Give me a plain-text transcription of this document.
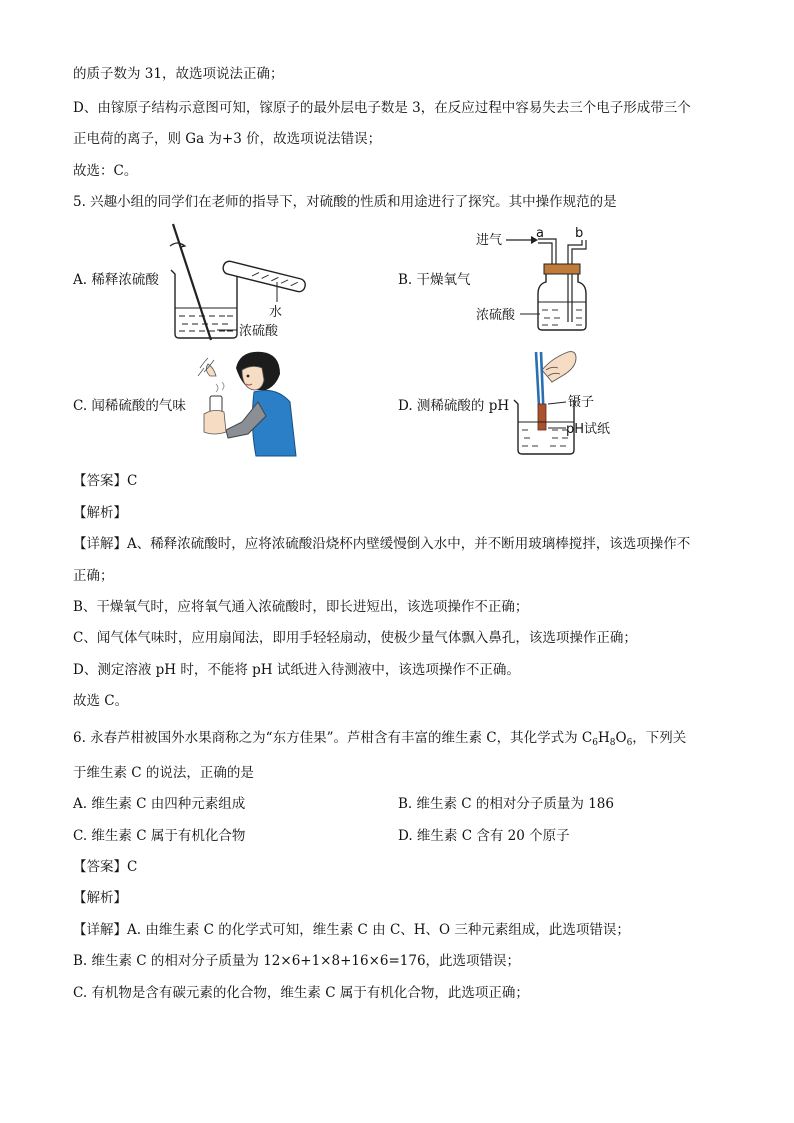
的质子数为 31，故选项说法正确；
D、由镓原子结构示意图可知，镓原子的最外层电子数是 3，在反应过程中容易失去三个电子形成带三个
正电荷的离子，则 Ga 为+3 价，故选项说法错误；
故选：C。
5. 兴趣小组的同学们在老师的指导下，对硫酸的性质和用途进行了探究。其中操作规范的是
A. 稀释浓硫酸	B. 干燥氧气
C. 闻稀硫酸的气味	D. 测稀硫酸的 pH
水
浓硫酸
进气	a b
浓硫酸
镊子
pH试纸
【答案】C
【解析】
【详解】A、稀释浓硫酸时，应将浓硫酸沿烧杯内壁缓慢倒入水中，并不断用玻璃棒搅拌，该选项操作不
正确；
B、干燥氧气时，应将氧气通入浓硫酸时，即长进短出，该选项操作不正确；
C、闻气体气味时，应用扇闻法，即用手轻轻扇动，使极少量气体飘入鼻孔，该选项操作正确；
D、测定溶液 pH 时，不能将 pH 试纸进入待测液中，该选项操作不正确。
故选 C。
6. 永春芦柑被国外水果商称之为“东方佳果”。芦柑含有丰富的维生素 C，其化学式为 $C_6H_8O_6$，下列关
于维生素 C 的说法，正确的是
A. 维生素 C 由四种元素组成	B. 维生素 C 的相对分子质量为 186
C. 维生素 C 属于有机化合物	D. 维生素 C 含有 20 个原子
【答案】C
【解析】
【详解】A. 由维生素 C 的化学式可知，维生素 C 由 C、H、O 三种元素组成，此选项错误；
B. 维生素 C 的相对分子质量为 12×6+1×8+16×6=176，此选项错误；
C. 有机物是含有碳元素的化合物，维生素 C 属于有机化合物，此选项正确；
